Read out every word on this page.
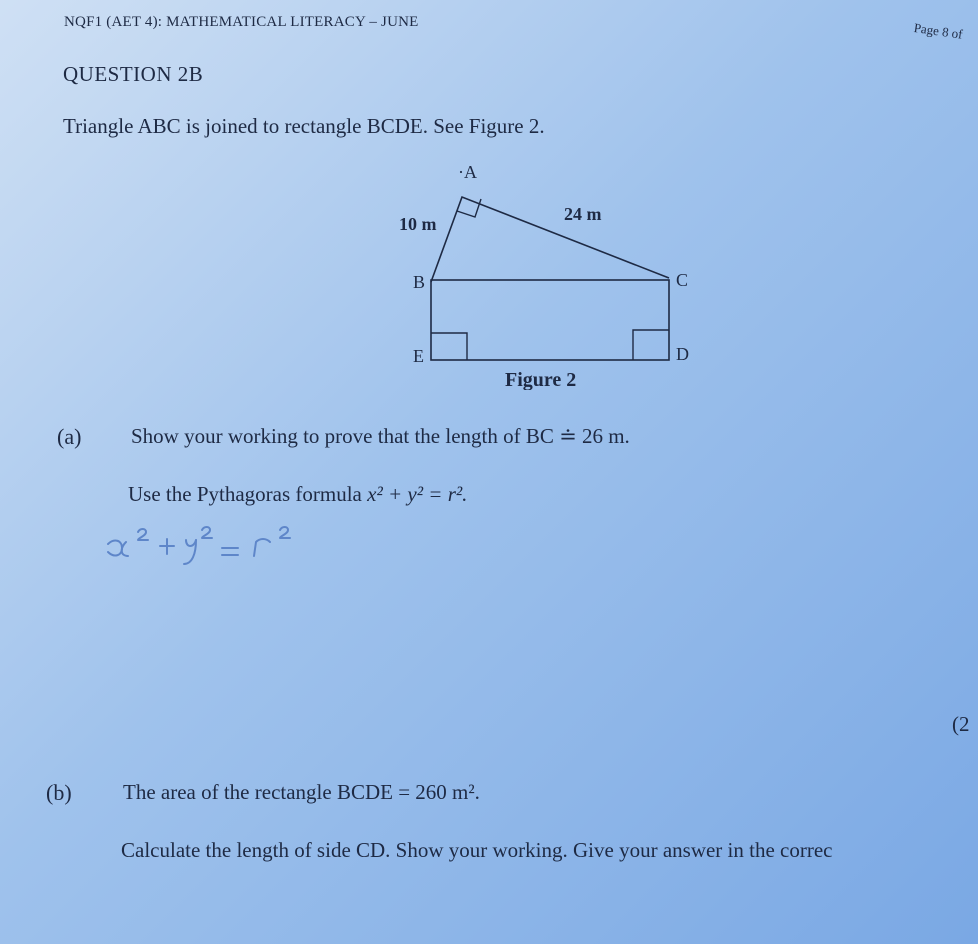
NQF1 (AET 4): MATHEMATICAL LITERACY – JUNE	Page 8 of
QUESTION 2B
Triangle ABC is joined to rectangle BCDE. See Figure 2.
·A
10 m	24 m
B	C
E	D
Figure 2
(a) Show your working to prove that the length of BC ≐ 26 m.
Use the Pythagoras formula x² + y² = r².
(2
(b) The area of the rectangle BCDE = 260 m².
Calculate the length of side CD. Show your working. Give your answer in the correc
